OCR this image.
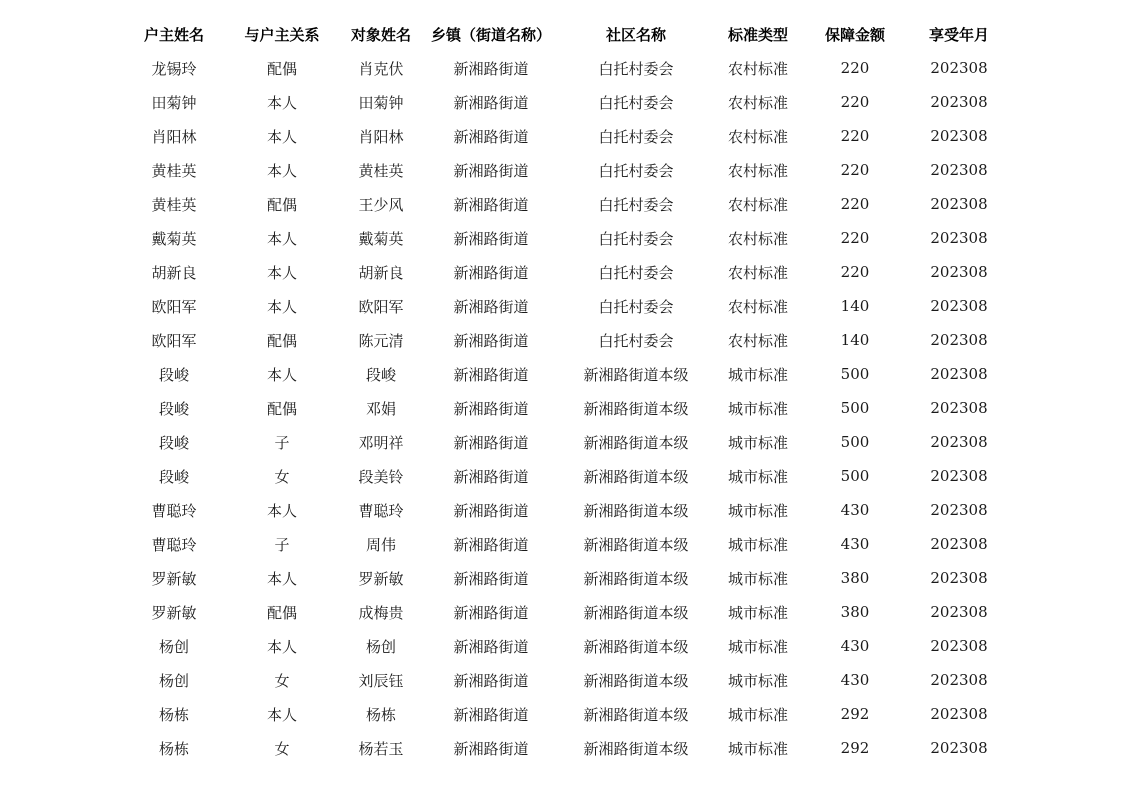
户主姓名	与户主关系	对象姓名	乡镇（街道名称）	社区名称	标准类型	保障金额	享受年月
龙锡玲	配偶	肖克伏	新湘路街道	白托村委会	农村标准	220	202308
田菊钟	本人	田菊钟	新湘路街道	白托村委会	农村标准	220	202308
肖阳林	本人	肖阳林	新湘路街道	白托村委会	农村标准	220	202308
黄桂英	本人	黄桂英	新湘路街道	白托村委会	农村标准	220	202308
黄桂英	配偶	王少风	新湘路街道	白托村委会	农村标准	220	202308
戴菊英	本人	戴菊英	新湘路街道	白托村委会	农村标准	220	202308
胡新良	本人	胡新良	新湘路街道	白托村委会	农村标准	220	202308
欧阳军	本人	欧阳军	新湘路街道	白托村委会	农村标准	140	202308
欧阳军	配偶	陈元清	新湘路街道	白托村委会	农村标准	140	202308
段峻	本人	段峻	新湘路街道	新湘路街道本级	城市标准	500	202308
段峻	配偶	邓娟	新湘路街道	新湘路街道本级	城市标准	500	202308
段峻	子	邓明祥	新湘路街道	新湘路街道本级	城市标准	500	202308
段峻	女	段美铃	新湘路街道	新湘路街道本级	城市标准	500	202308
曹聪玲	本人	曹聪玲	新湘路街道	新湘路街道本级	城市标准	430	202308
曹聪玲	子	周伟	新湘路街道	新湘路街道本级	城市标准	430	202308
罗新敏	本人	罗新敏	新湘路街道	新湘路街道本级	城市标准	380	202308
罗新敏	配偶	成梅贵	新湘路街道	新湘路街道本级	城市标准	380	202308
杨创	本人	杨创	新湘路街道	新湘路街道本级	城市标准	430	202308
杨创	女	刘辰钰	新湘路街道	新湘路街道本级	城市标准	430	202308
杨栋	本人	杨栋	新湘路街道	新湘路街道本级	城市标准	292	202308
杨栋	女	杨若玉	新湘路街道	新湘路街道本级	城市标准	292	202308
